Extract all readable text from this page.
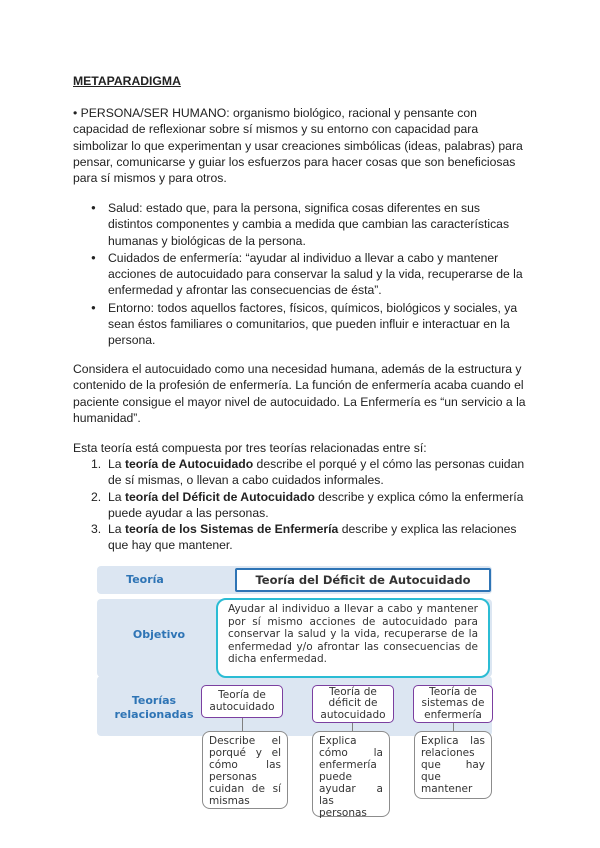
METAPARADIGMA
• PERSONA/SER HUMANO: organismo biológico, racional y pensante con capacidad de reflexionar sobre sí mismos y su entorno con capacidad para simbolizar lo que experimentan y usar creaciones simbólicas (ideas, palabras) para pensar, comunicarse y guiar los esfuerzos para hacer cosas que son beneficiosas para sí mismos y para otros.
● Salud: estado que, para la persona, significa cosas diferentes en sus distintos componentes y cambia a medida que cambian las características humanas y biológicas de la persona.
● Cuidados de enfermería: “ayudar al individuo a llevar a cabo y mantener acciones de autocuidado para conservar la salud y la vida, recuperarse de la enfermedad y afrontar las consecuencias de ésta”.
● Entorno: todos aquellos factores, físicos, químicos, biológicos y sociales, ya sean éstos familiares o comunitarios, que pueden influir e interactuar en la persona.
Considera el autocuidado como una necesidad humana, además de la estructura y contenido de la profesión de enfermería. La función de enfermería acaba cuando el paciente consigue el mayor nivel de autocuidado. La Enfermería es “un servicio a la humanidad”.
Esta teoría está compuesta por tres teorías relacionadas entre sí:
1. La teoría de Autocuidado describe el porqué y el cómo las personas cuidan de sí mismas, o llevan a cabo cuidados informales.
2. La teoría del Déficit de Autocuidado describe y explica cómo la enfermería puede ayudar a las personas.
3. La teoría de los Sistemas de Enfermería describe y explica las relaciones que hay que mantener.
Teoría	Teoría del Déficit de Autocuidado
Objetivo
Ayudar al individuo a llevar a cabo y mantener por sí mismo acciones de autocuidado para conservar la salud y la vida, recuperarse de la enfermedad y/o afrontar las consecuencias de dicha enfermedad.
Teorías relacionadas
Teoría de autocuidado
Teoría de déficit de autocuidado
Teoría de sistemas de enfermería
Describe el porqué y el cómo las personas cuidan de sí mismas
Explica cómo la enfermería puede ayudar a las personas
Explica las relaciones que hay que mantener
